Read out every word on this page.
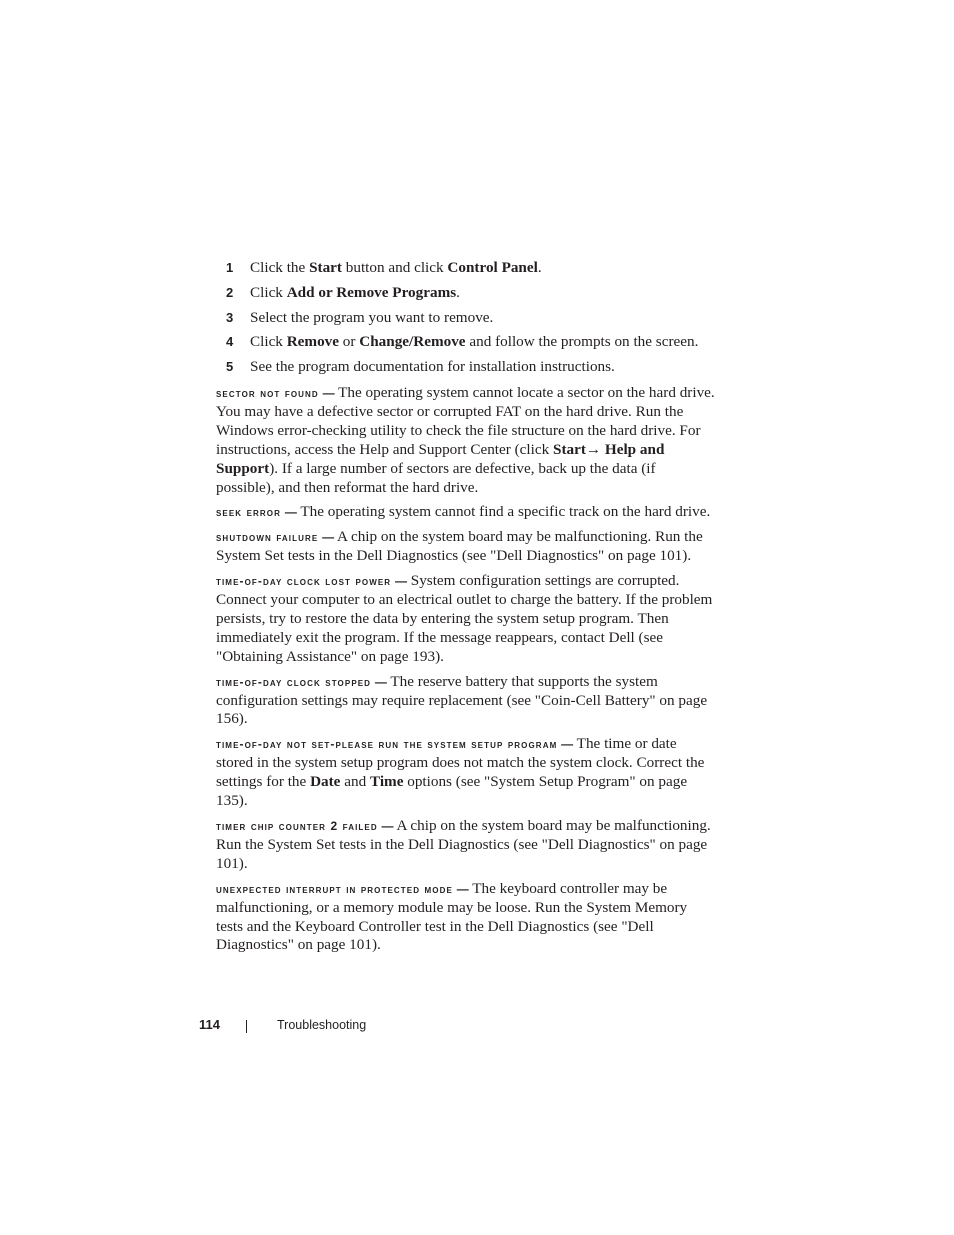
1 Click the Start button and click Control Panel.
2 Click Add or Remove Programs.
3 Select the program you want to remove.
4 Click Remove or Change/Remove and follow the prompts on the screen.
5 See the program documentation for installation instructions.

sector not found — The operating system cannot locate a sector on the hard drive. You may have a defective sector or corrupted FAT on the hard drive. Run the Windows error-checking utility to check the file structure on the hard drive. For instructions, access the Help and Support Center (click Start→ Help and Support). If a large number of sectors are defective, back up the data (if possible), and then reformat the hard drive.

seek error — The operating system cannot find a specific track on the hard drive.

shutdown failure — A chip on the system board may be malfunctioning. Run the System Set tests in the Dell Diagnostics (see "Dell Diagnostics" on page 101).

time-of-day clock lost power — System configuration settings are corrupted. Connect your computer to an electrical outlet to charge the battery. If the problem persists, try to restore the data by entering the system setup program. Then immediately exit the program. If the message reappears, contact Dell (see "Obtaining Assistance" on page 193).

time-of-day clock stopped — The reserve battery that supports the system configuration settings may require replacement (see "Coin-Cell Battery" on page 156).

time-of-day not set-please run the system setup program — The time or date stored in the system setup program does not match the system clock. Correct the settings for the Date and Time options (see "System Setup Program" on page 135).

timer chip counter 2 failed — A chip on the system board may be malfunctioning. Run the System Set tests in the Dell Diagnostics (see "Dell Diagnostics" on page 101).

unexpected interrupt in protected mode — The keyboard controller may be malfunctioning, or a memory module may be loose. Run the System Memory tests and the Keyboard Controller test in the Dell Diagnostics (see "Dell Diagnostics" on page 101).

114	Troubleshooting
